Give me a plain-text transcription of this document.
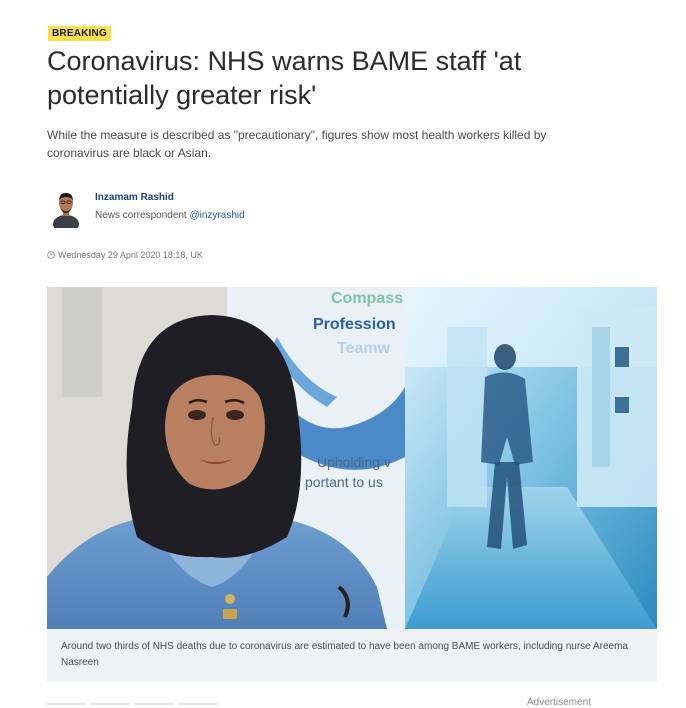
BREAKING
Coronavirus: NHS warns BAME staff 'at potentially greater risk'

While the measure is described as "precautionary", figures show most health workers killed by coronavirus are black or Asian.

Inzamam Rashid
News correspondent @inzyrashid
Wednesday 29 April 2020 18:18, UK
Compass
Profession
Teamw
Upholding v
portant to us
Around two thirds of NHS deaths due to coronavirus are estimated to have been among BAME workers, including nurse Areema Nasreen
Advertisement
